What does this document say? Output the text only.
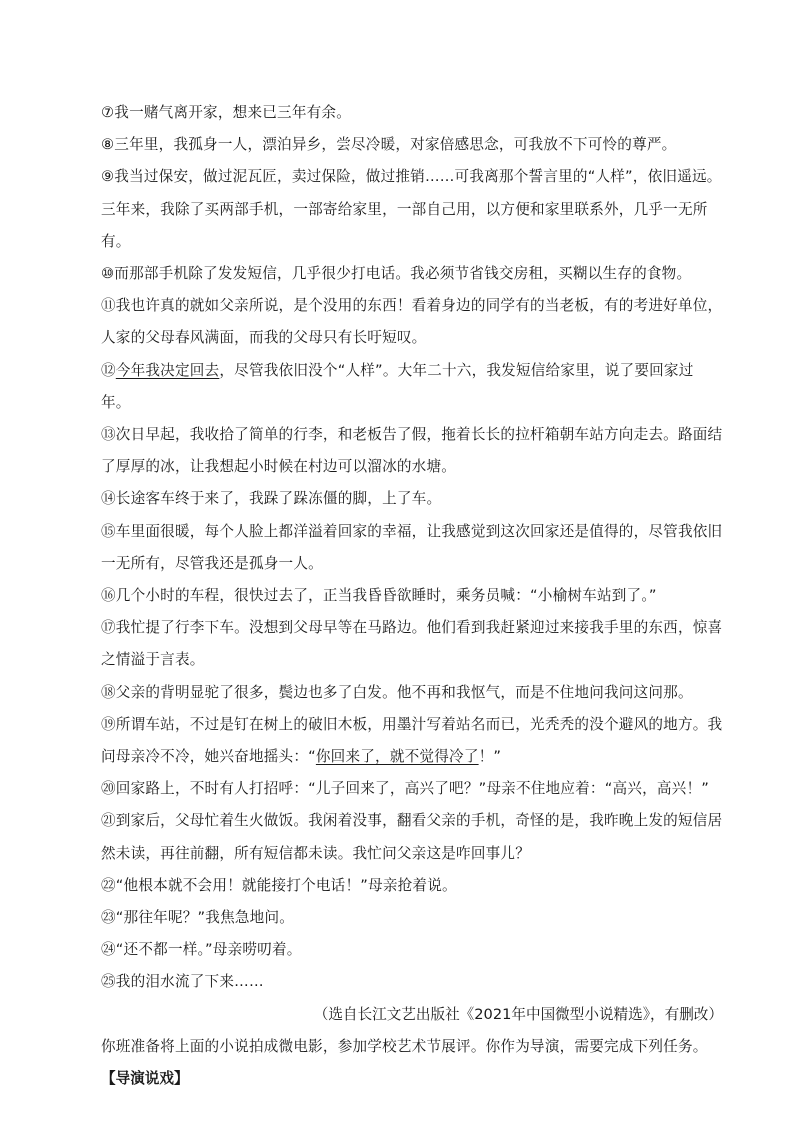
⑦我一赌气离开家，想来已三年有余。

⑧三年里，我孤身一人，漂泊异乡，尝尽冷暖，对家倍感思念，可我放不下可怜的尊严。

⑨我当过保安，做过泥瓦匠，卖过保险，做过推销……可我离那个誓言里的“人样”，依旧遥远。三年来，我除了买两部手机，一部寄给家里，一部自己用，以方便和家里联系外，几乎一无所有。

⑩而那部手机除了发发短信，几乎很少打电话。我必须节省钱交房租，买糊以生存的食物。

⑪我也许真的就如父亲所说，是个没用的东西！看着身边的同学有的当老板，有的考进好单位，人家的父母春风满面，而我的父母只有长吁短叹。

⑫今年我决定回去，尽管我依旧没个“人样”。大年二十六，我发短信给家里，说了要回家过年。

⑬次日早起，我收拾了简单的行李，和老板告了假，拖着长长的拉杆箱朝车站方向走去。路面结了厚厚的冰，让我想起小时候在村边可以溜冰的水塘。

⑭长途客车终于来了，我跺了跺冻僵的脚，上了车。

⑮车里面很暖，每个人脸上都洋溢着回家的幸福，让我感觉到这次回家还是值得的，尽管我依旧一无所有，尽管我还是孤身一人。

⑯几个小时的车程，很快过去了，正当我昏昏欲睡时，乘务员喊：“小榆树车站到了。”

⑰我忙提了行李下车。没想到父母早等在马路边。他们看到我赶紧迎过来接我手里的东西，惊喜之情溢于言表。

⑱父亲的背明显驼了很多，鬓边也多了白发。他不再和我怄气，而是不住地问我问这问那。

⑲所谓车站，不过是钉在树上的破旧木板，用墨汁写着站名而已，光秃秃的没个避风的地方。我问母亲冷不冷，她兴奋地摇头：“你回来了，就不觉得冷了！”

⑳回家路上，不时有人打招呼：“儿子回来了，高兴了吧？”母亲不住地应着：“高兴，高兴！”

㉑到家后，父母忙着生火做饭。我闲着没事，翻看父亲的手机，奇怪的是，我昨晚上发的短信居然未读，再往前翻，所有短信都未读。我忙问父亲这是咋回事儿？

㉒“他根本就不会用！就能接打个电话！”母亲抢着说。

㉓“那往年呢？”我焦急地问。

㉔“还不都一样。”母亲唠叨着。

㉕我的泪水流了下来……

（选自长江文艺出版社《2021年中国微型小说精选》，有删改）

你班准备将上面的小说拍成微电影，参加学校艺术节展评。你作为导演，需要完成下列任务。

【导演说戏】
